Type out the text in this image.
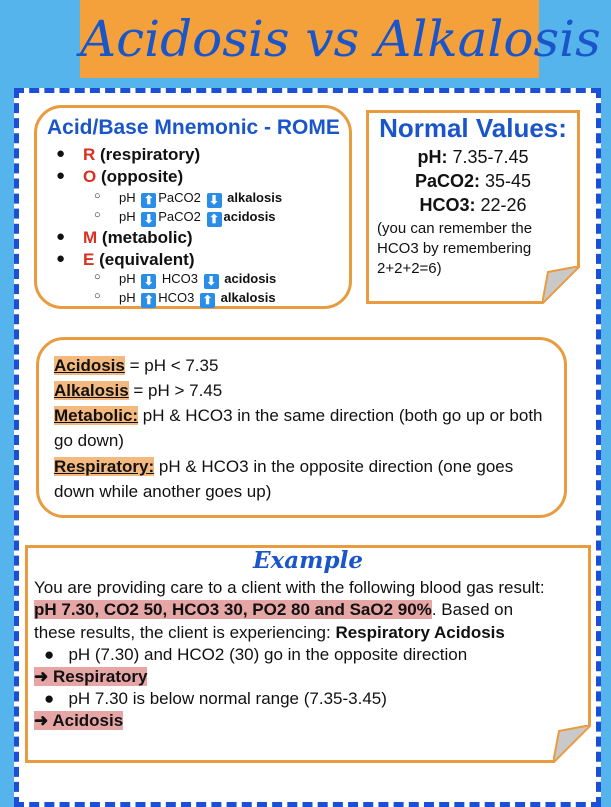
Acidosis vs Alkalosis
Acid/Base Mnemonic - ROME
● R (respiratory)
● O (opposite)
○ pH ⬆ PaCO2 ⬇ alkalosis
○ pH ⬇ PaCO2 ⬆ acidosis
● M (metabolic)
● E (equivalent)
○ pH ⬇ HCO3 ⬇ acidosis
○ pH ⬆ HCO3 ⬆ alkalosis
Normal Values:
pH: 7.35-7.45
PaCO2: 35-45
HCO3: 22-26
(you can remember the HCO3 by remembering 2+2+2=6)
Acidosis = pH < 7.35
Alkalosis = pH > 7.45
Metabolic: pH & HCO3 in the same direction (both go up or both go down)
Respiratory: pH & HCO3 in the opposite direction (one goes down while another goes up)
Example
You are providing care to a client with the following blood gas result:
pH 7.30, CO2 50, HCO3 30, PO2 80 and SaO2 90%. Based on
these results, the client is experiencing: Respiratory Acidosis
●   pH (7.30) and HCO2 (30) go in the opposite direction
➜ Respiratory
●   pH 7.30 is below normal range (7.35-3.45)
➜ Acidosis
